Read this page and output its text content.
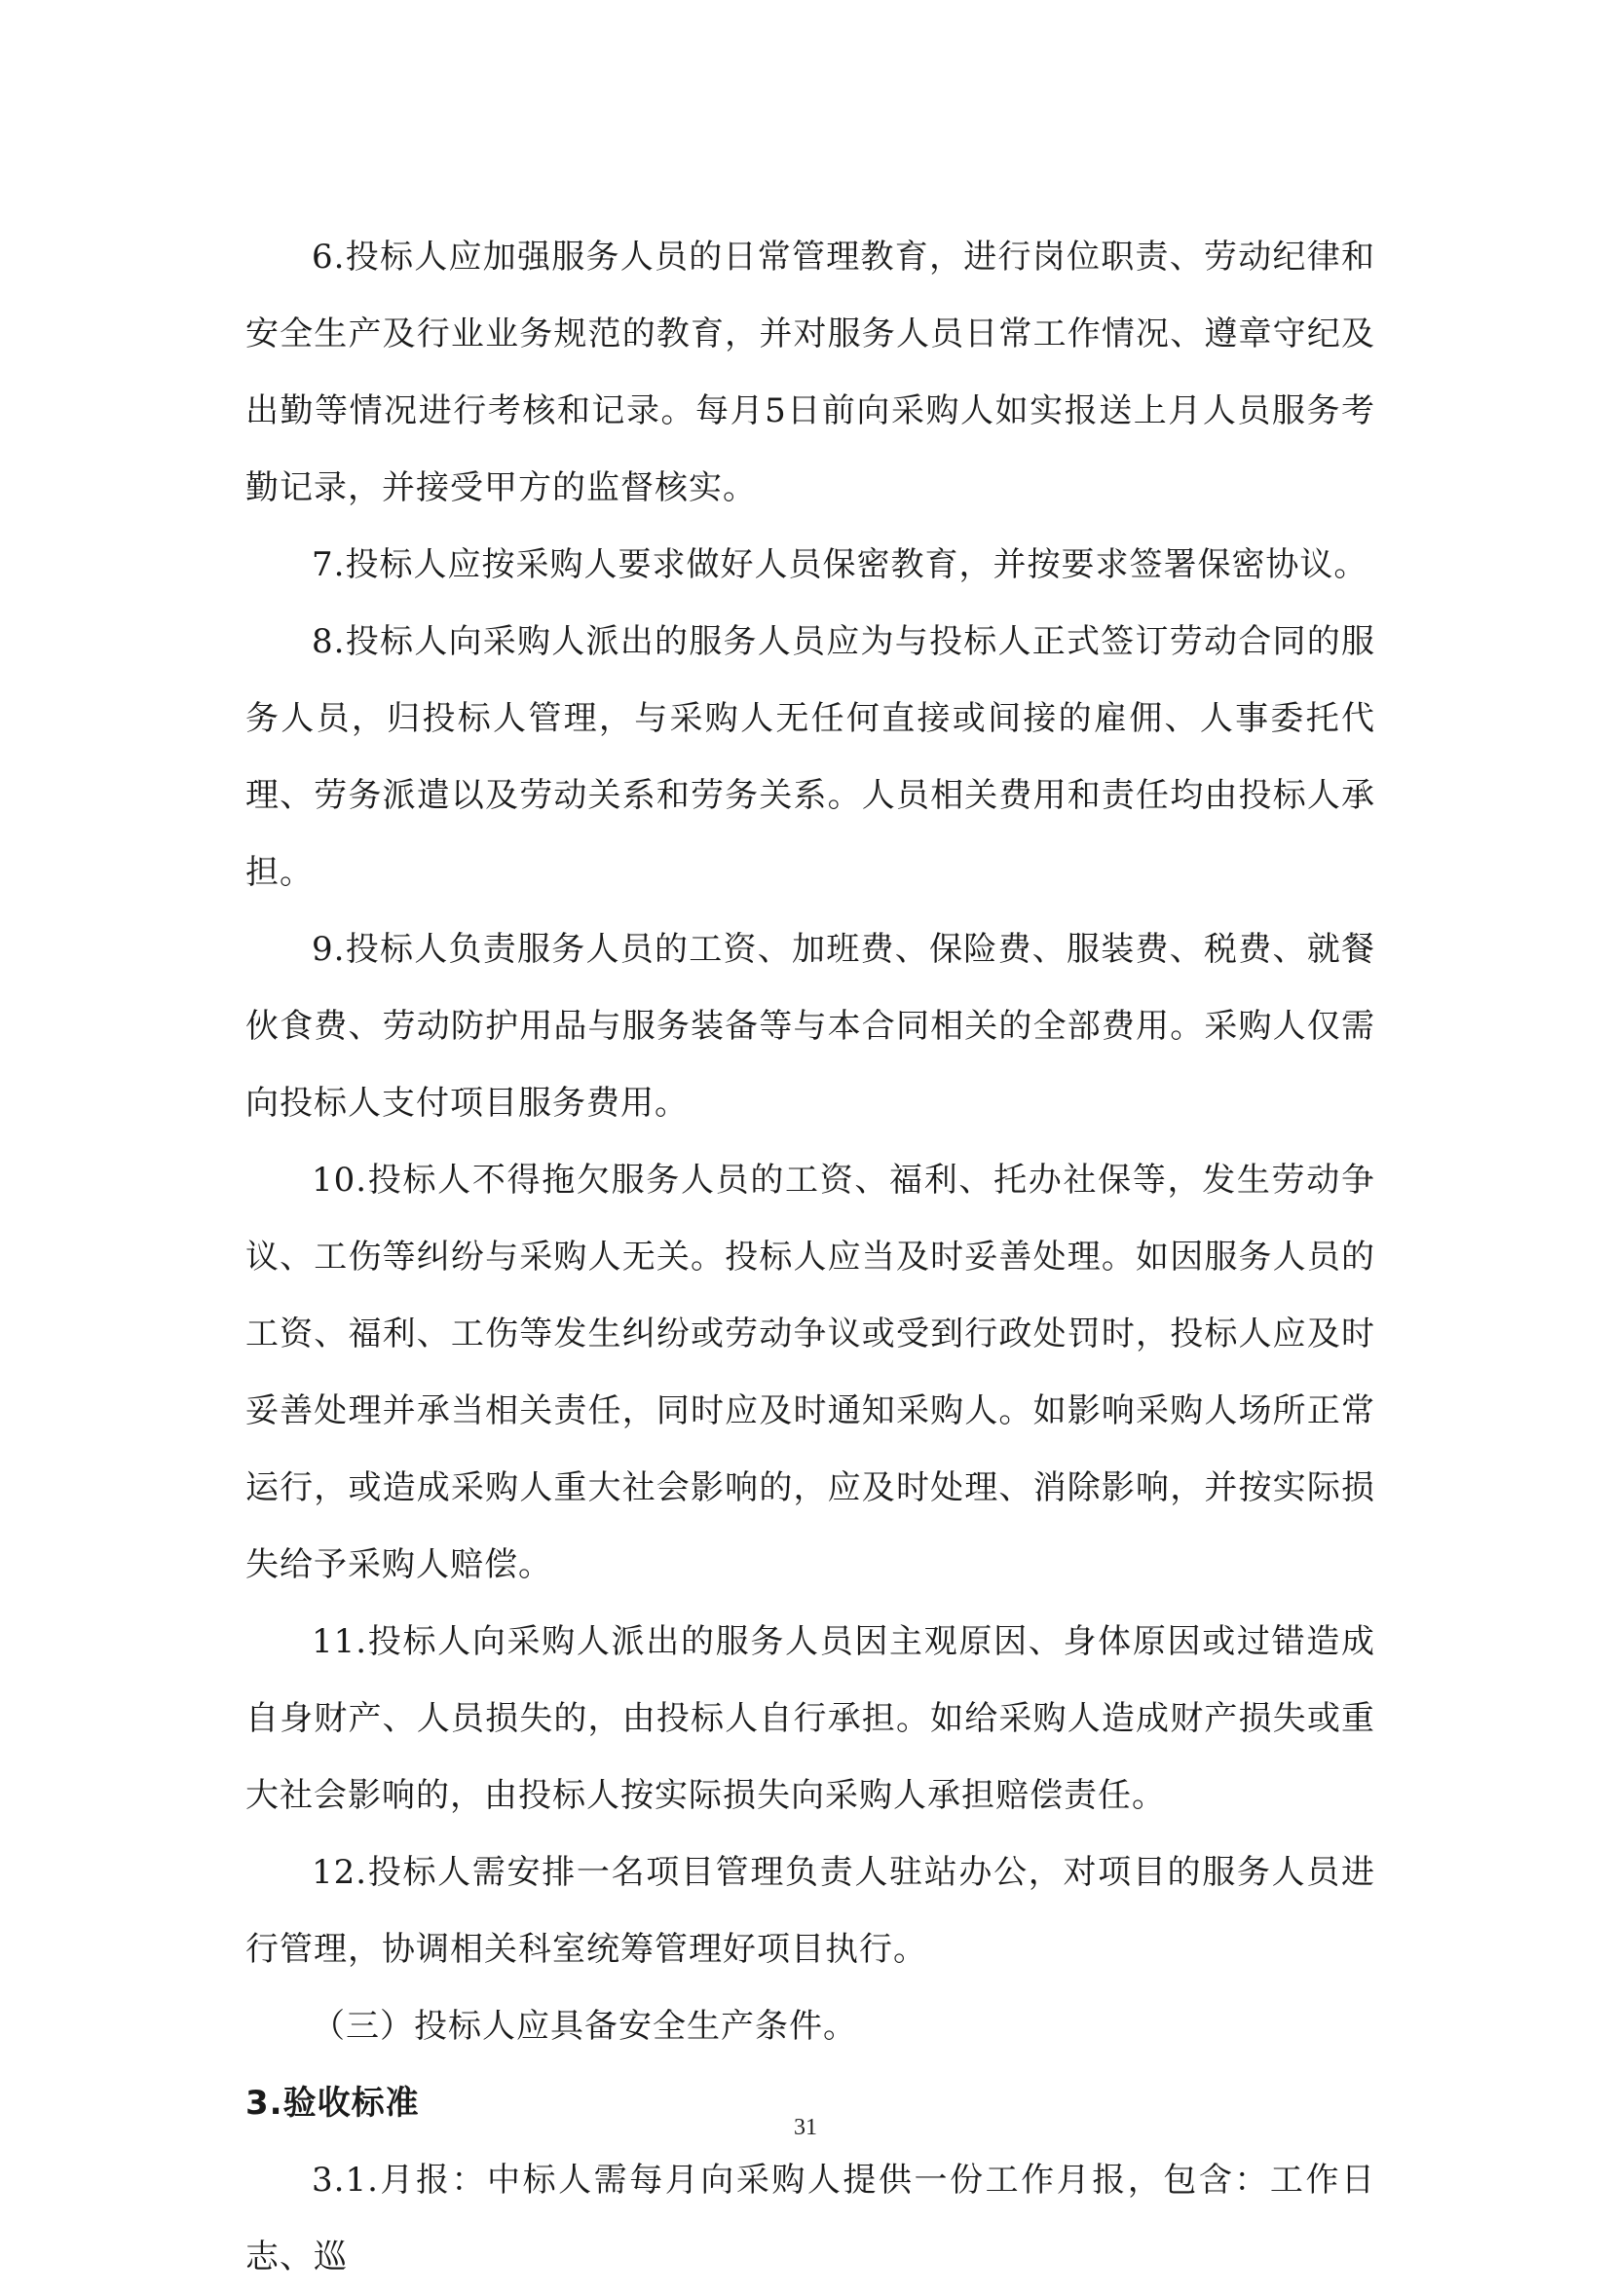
6.投标人应加强服务人员的日常管理教育，进行岗位职责、劳动纪律和安全生产及行业业务规范的教育，并对服务人员日常工作情况、遵章守纪及出勤等情况进行考核和记录。每月5日前向采购人如实报送上月人员服务考勤记录，并接受甲方的监督核实。

7.投标人应按采购人要求做好人员保密教育，并按要求签署保密协议。

8.投标人向采购人派出的服务人员应为与投标人正式签订劳动合同的服务人员，归投标人管理，与采购人无任何直接或间接的雇佣、人事委托代理、劳务派遣以及劳动关系和劳务关系。人员相关费用和责任均由投标人承担。

9.投标人负责服务人员的工资、加班费、保险费、服装费、税费、就餐伙食费、劳动防护用品与服务装备等与本合同相关的全部费用。采购人仅需向投标人支付项目服务费用。

10.投标人不得拖欠服务人员的工资、福利、托办社保等，发生劳动争议、工伤等纠纷与采购人无关。投标人应当及时妥善处理。如因服务人员的工资、福利、工伤等发生纠纷或劳动争议或受到行政处罚时，投标人应及时妥善处理并承当相关责任，同时应及时通知采购人。如影响采购人场所正常运行，或造成采购人重大社会影响的，应及时处理、消除影响，并按实际损失给予采购人赔偿。

11.投标人向采购人派出的服务人员因主观原因、身体原因或过错造成自身财产、人员损失的，由投标人自行承担。如给采购人造成财产损失或重大社会影响的，由投标人按实际损失向采购人承担赔偿责任。

12.投标人需安排一名项目管理负责人驻站办公，对项目的服务人员进行管理，协调相关科室统筹管理好项目执行。

（三）投标人应具备安全生产条件。

3.验收标准

3.1.月报：中标人需每月向采购人提供一份工作月报，包含：工作日志、巡

31
